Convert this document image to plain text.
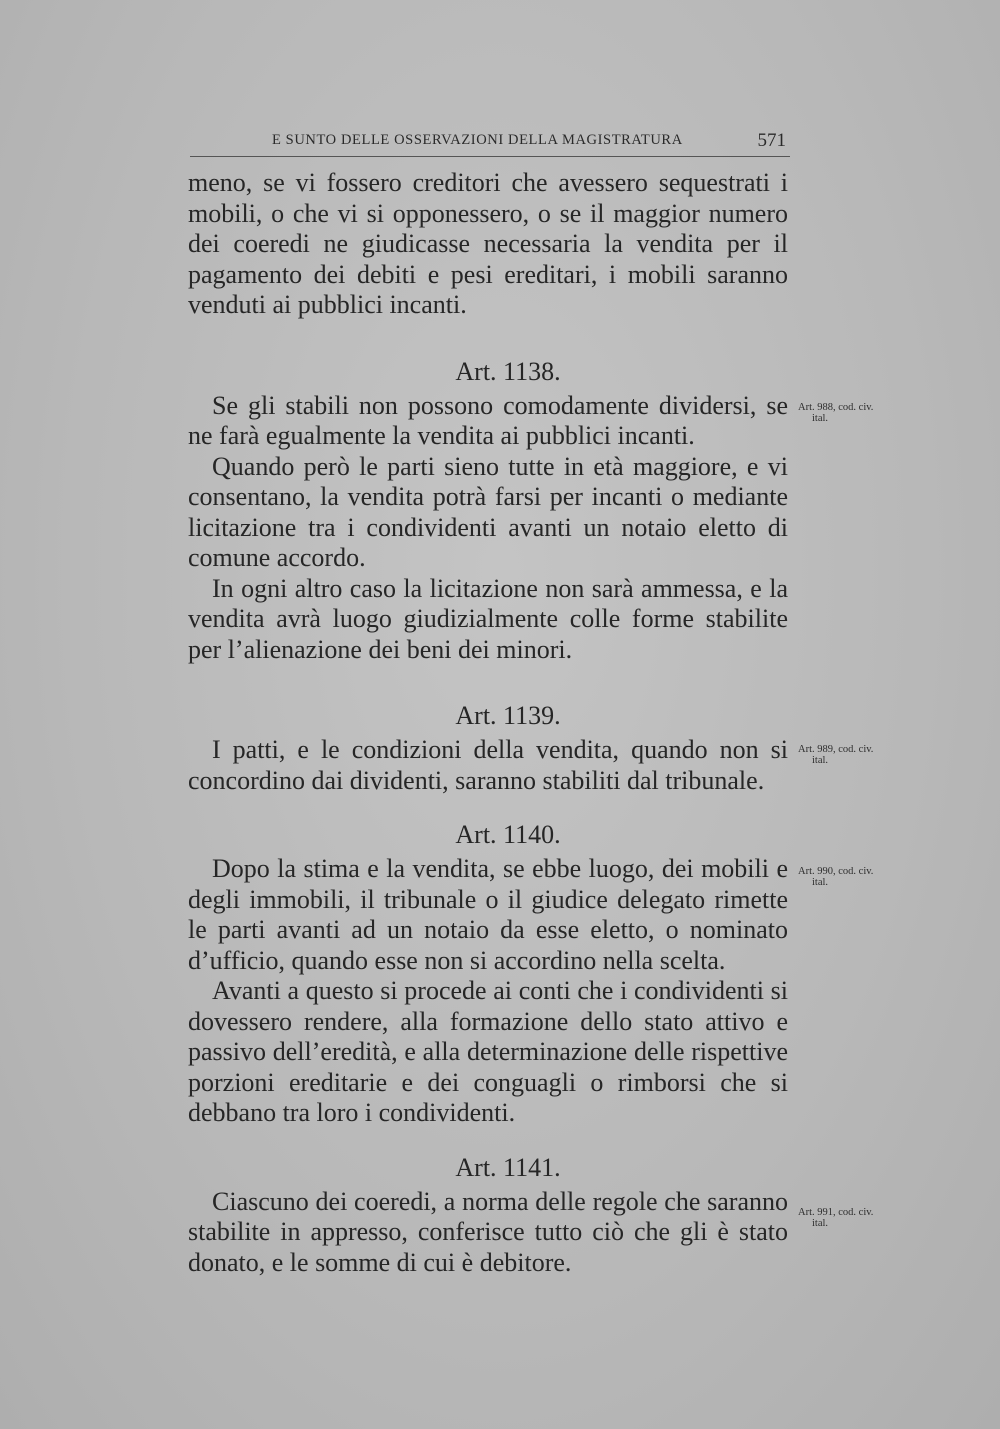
E SUNTO DELLE OSSERVAZIONI DELLA MAGISTRATURA	571

meno, se vi fossero creditori che avessero sequestrati i mobili, o che vi si opponessero, o se il maggior numero dei coeredi ne giudicasse necessaria la vendita per il pagamento dei debiti e pesi ereditari, i mobili saranno venduti ai pubblici incanti.

Art. 1138.

Se gli stabili non possono comodamente dividersi, se ne farà egualmente la vendita ai pubblici incanti.

Quando però le parti sieno tutte in età maggiore, e vi consentano, la vendita potrà farsi per incanti o mediante licitazione tra i condividenti avanti un notaio eletto di comune accordo.

In ogni altro caso la licitazione non sarà ammessa, e la vendita avrà luogo giudizialmente colle forme stabilite per l’alienazione dei beni dei minori.

Art. 1139.

I patti, e le condizioni della vendita, quando non si concordino dai dividenti, saranno stabiliti dal tribunale.

Art. 1140.

Dopo la stima e la vendita, se ebbe luogo, dei mobili e degli immobili, il tribunale o il giudice delegato rimette le parti avanti ad un notaio da esse eletto, o nominato d’ufficio, quando esse non si accordino nella scelta.

Avanti a questo si procede ai conti che i condividenti si dovessero rendere, alla formazione dello stato attivo e passivo dell’eredità, e alla determinazione delle rispettive porzioni ereditarie e dei conguagli o rimborsi che si debbano tra loro i condividenti.

Art. 1141.

Ciascuno dei coeredi, a norma delle regole che saranno stabilite in appresso, conferisce tutto ciò che gli è stato donato, e le somme di cui è debitore.

Art. 988, cod. civ.
ital.
Art. 989, cod. civ.
ital.
Art. 990, cod. civ.
ital.
Art. 991, cod. civ.
ital.
